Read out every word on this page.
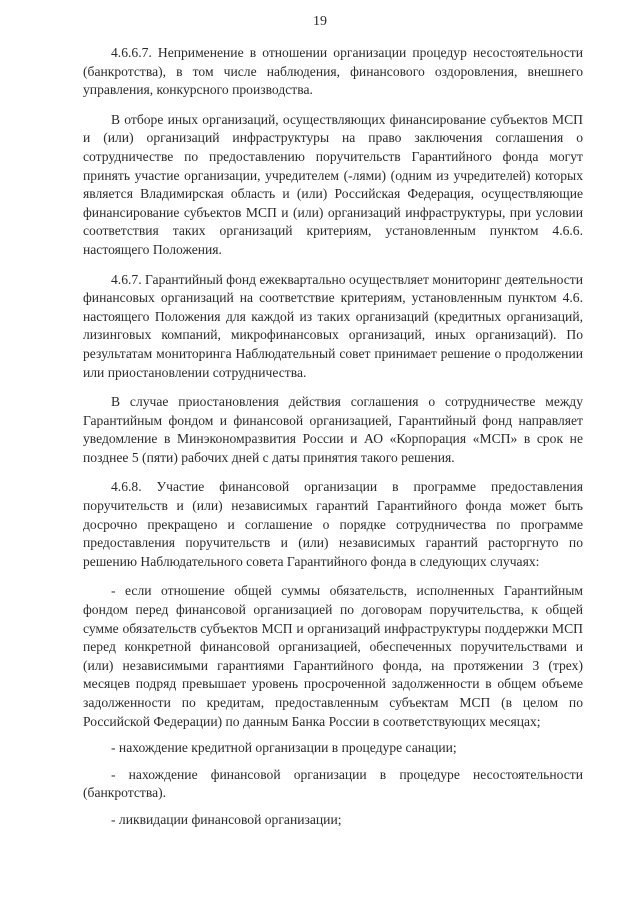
19

4.6.6.7. Неприменение в отношении организации процедур несостоятельности (банкротства), в том числе наблюдения, финансового оздоровления, внешнего управления, конкурсного производства.

В отборе иных организаций, осуществляющих финансирование субъектов МСП и (или) организаций инфраструктуры на право заключения соглашения о сотрудничестве по предоставлению поручительств Гарантийного фонда могут принять участие организации, учредителем (-лями) (одним из учредителей) которых является Владимирская область и (или) Российская Федерация, осуществляющие финансирование субъектов МСП и (или) организаций инфраструктуры, при условии соответствия таких организаций критериям, установленным пунктом 4.6.6. настоящего Положения.

4.6.7. Гарантийный фонд ежеквартально осуществляет мониторинг деятельности финансовых организаций на соответствие критериям, установленным пунктом 4.6. настоящего Положения для каждой из таких организаций (кредитных организаций, лизинговых компаний, микрофинансовых организаций, иных организаций). По результатам мониторинга Наблюдательный совет принимает решение о продолжении или приостановлении сотрудничества.

В случае приостановления действия соглашения о сотрудничестве между Гарантийным фондом и финансовой организацией, Гарантийный фонд направляет уведомление в Минэкономразвития России и АО «Корпорация «МСП» в срок не позднее 5 (пяти) рабочих дней с даты принятия такого решения.

4.6.8. Участие финансовой организации в программе предоставления поручительств и (или) независимых гарантий Гарантийного фонда может быть досрочно прекращено и соглашение о порядке сотрудничества по программе предоставления поручительств и (или) независимых гарантий расторгнуто по решению Наблюдательного совета Гарантийного фонда в следующих случаях:

- если отношение общей суммы обязательств, исполненных Гарантийным фондом перед финансовой организацией по договорам поручительства, к общей сумме обязательств субъектов МСП и организаций инфраструктуры поддержки МСП перед конкретной финансовой организацией, обеспеченных поручительствами и (или) независимыми гарантиями Гарантийного фонда, на протяжении 3 (трех) месяцев подряд превышает уровень просроченной задолженности в общем объеме задолженности по кредитам, предоставленным субъектам МСП (в целом по Российской Федерации) по данным Банка России в соответствующих месяцах;

- нахождение кредитной организации в процедуре санации;

- нахождение финансовой организации в процедуре несостоятельности (банкротства).

- ликвидации финансовой организации;
